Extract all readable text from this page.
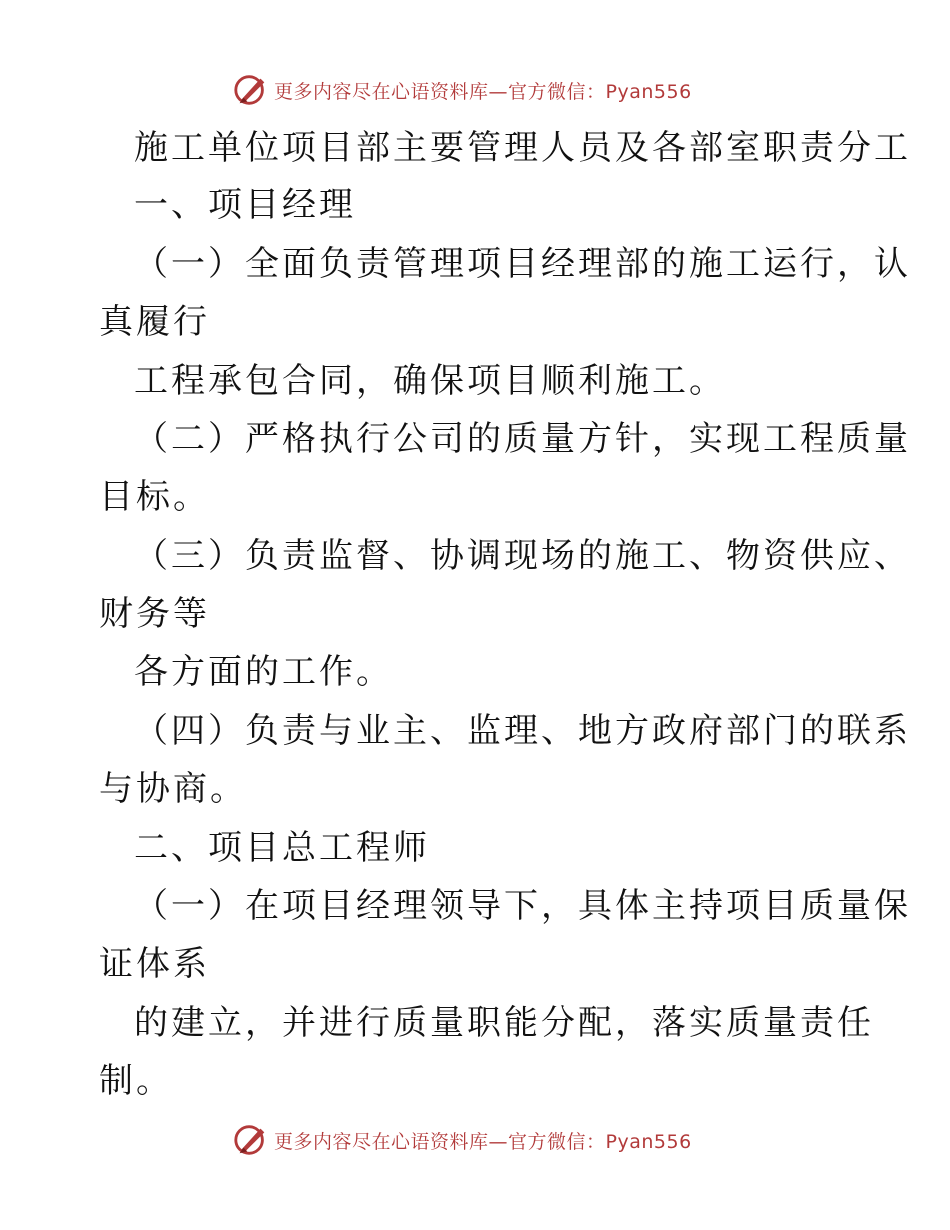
更多内容尽在心语资料库—官方微信：Pyan556
施工单位项目部主要管理人员及各部室职责分工
一、项目经理
（一）全面负责管理项目经理部的施工运行，认
真履行
工程承包合同，确保项目顺利施工。
（二）严格执行公司的质量方针，实现工程质量
目标。
（三）负责监督、协调现场的施工、物资供应、
财务等
各方面的工作。
（四）负责与业主、监理、地方政府部门的联系
与协商。
二、项目总工程师
（一）在项目经理领导下，具体主持项目质量保
证体系
的建立，并进行质量职能分配，落实质量责任
制。
更多内容尽在心语资料库—官方微信：Pyan556
